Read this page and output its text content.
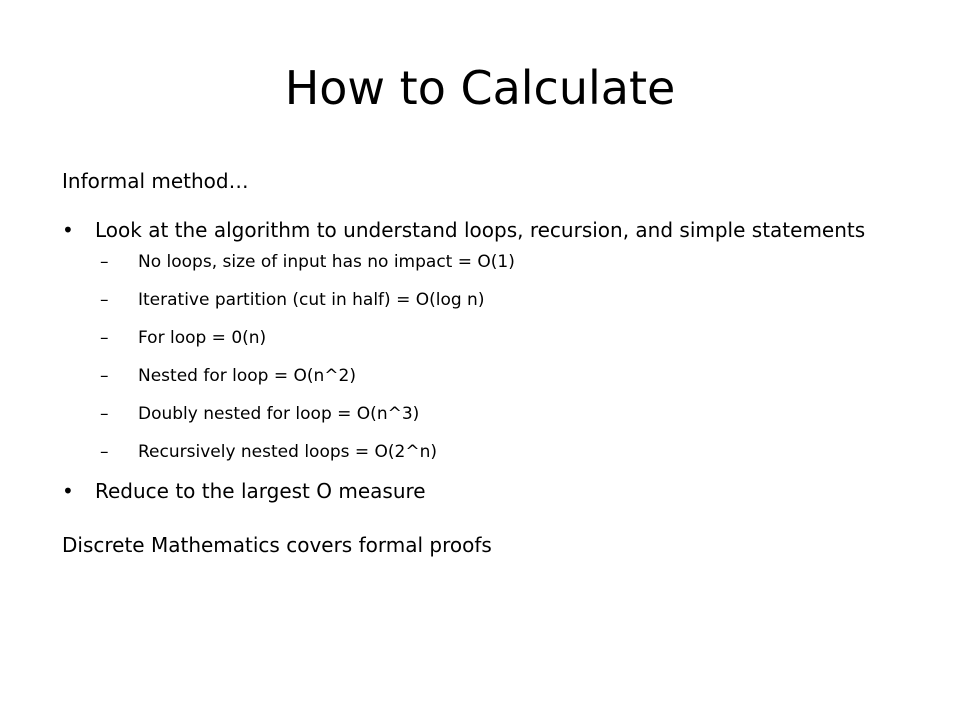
How to Calculate

Informal method…

•	Look at the algorithm to understand loops, recursion, and simple statements
– No loops, size of input has no impact = O(1)
– Iterative partition (cut in half) = O(log n)
– For loop = 0(n)
– Nested for loop = O(n^2)
– Doubly nested for loop = O(n^3)
– Recursively nested loops = O(2^n)
•	Reduce to the largest O measure

Discrete Mathematics covers formal proofs
